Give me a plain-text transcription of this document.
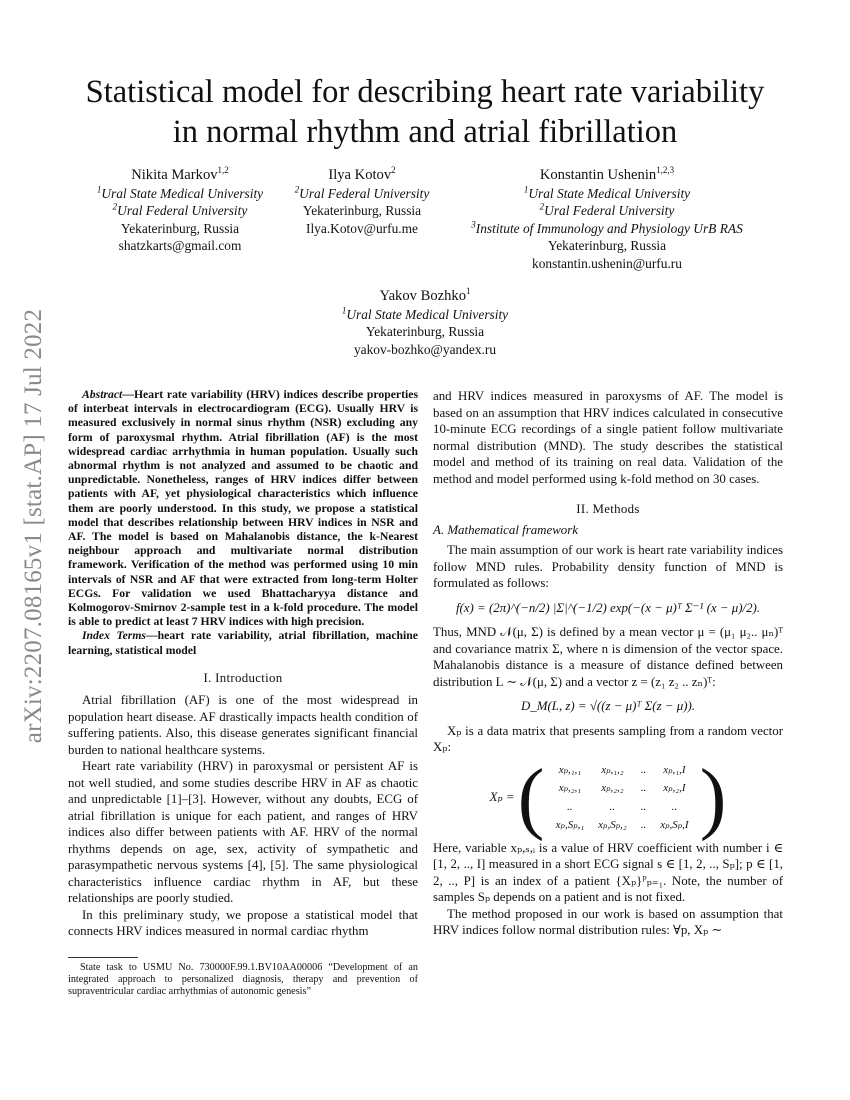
arXiv:2207.08165v1 [stat.AP] 17 Jul 2022
Statistical model for describing heart rate variability
in normal rhythm and atrial fibrillation
Nikita Markov$^{1,2}$
$^1$Ural State Medical University
$^2$Ural Federal University
Yekaterinburg, Russia
shatzkarts@gmail.com
Ilya Kotov$^2$
$^2$Ural Federal University
Yekaterinburg, Russia
Ilya.Kotov@urfu.me
Konstantin Ushenin$^{1,2,3}$
$^1$Ural State Medical University
$^2$Ural Federal University
$^3$Institute of Immunology and Physiology UrB RAS
Yekaterinburg, Russia
konstantin.ushenin@urfu.ru
Yakov Bozhko$^1$
$^1$Ural State Medical University
Yekaterinburg, Russia
yakov-bozhko@yandex.ru

Abstract—Heart rate variability (HRV) indices describe properties of interbeat intervals in electrocardiogram (ECG). Usually HRV is measured exclusively in normal sinus rhythm (NSR) excluding any form of paroxysmal rhythm. Atrial fibrillation (AF) is the most widespread cardiac arrhythmia in human population. Usually such abnormal rhythm is not analyzed and assumed to be chaotic and unpredictable. Nonetheless, ranges of HRV indices differ between patients with AF, yet physiological characteristics which influence them are poorly understood. In this study, we propose a statistical model that describes relationship between HRV indices in NSR and AF. The model is based on Mahalanobis distance, the k-Nearest neighbour approach and multivariate normal distribution framework. Verification of the method was performed using 10 min intervals of NSR and AF that were extracted from long-term Holter ECGs. For validation we used Bhattacharyya distance and Kolmogorov-Smirnov 2-sample test in a k-fold procedure. The model is able to predict at least 7 HRV indices with high precision.

Index Terms—heart rate variability, atrial fibrillation, machine learning, statistical model

I. Introduction

Atrial fibrillation (AF) is one of the most widespread in population heart disease. AF drastically impacts health condition of suffering patients. Also, this disease generates significant financial burden to national healthcare systems.

Heart rate variability (HRV) in paroxysmal or persistent AF is not well studied, and some studies describe HRV in AF as chaotic and unpredictable [1]–[3]. However, without any doubts, ECG of atrial fibrillation is unique for each patient, and ranges of HRV indices also differ between patients with AF. HRV of the normal rhythms depends on age, sex, activity of sympathetic and parasympathetic nervous systems [4], [5]. The same physiological characteristics influence cardiac rhythm in AF, but these relationships are poorly studied.

In this preliminary study, we propose a statistical model that connects HRV indices measured in normal cardiac rhythm

State task to USMU No. 730000F.99.1.BV10AA00006 “Development of an integrated approach to personalized diagnosis, therapy and prevention of supraventricular cardiac arrhythmias of autonomic genesis”

and HRV indices measured in paroxysms of AF. The model is based on an assumption that HRV indices calculated in consecutive 10-minute ECG recordings of a single patient follow multivariate normal distribution (MND). The study describes the statistical model and method of its training on real data. Validation of the method and model performed using k-fold method on 30 cases.

II. Methods
A. Mathematical framework

The main assumption of our work is heart rate variability indices follow MND rules. Probability density function of MND is formulated as follows:

f(x) = (2π)^(−n/2) |Σ|^(−1/2) exp(−(x − μ)ᵀ Σ⁻¹ (x − μ)/2).

Thus, MND 𝒩(μ, Σ) is defined by a mean vector μ = (μ₁ μ₂.. μₙ)ᵀ and covariance matrix Σ, where n is dimension of the vector space. Mahalanobis distance is a measure of distance defined between distribution L ∼ 𝒩(μ, Σ) and a vector z = (z₁ z₂ .. zₙ)ᵀ:

D_M(L, z) = √((z − μ)ᵀ Σ(z − μ)).

Xₚ is a data matrix that presents sampling from a random vector Xₚ:

Xₚ = ( xₚ,₁,₁	xₚ,₁,₂	..	xₚ,₁,I
xₚ,₂,₁	xₚ,₂,₂	..	xₚ,₂,I
..	..	..	..
xₚ,Sₚ,₁	xₚ,Sₚ,₂	..	xₚ,Sₚ,I )

Here, variable xₚ,ₛ,ᵢ is a value of HRV coefficient with number i ∈ [1, 2, .., I] measured in a short ECG signal s ∈ [1, 2, .., Sₚ]; p ∈ [1, 2, .., P] is an index of a patient {Xₚ}ᴾₚ₌₁. Note, the number of samples Sₚ depends on a patient and is not fixed.

The method proposed in our work is based on assumption that HRV indices follow normal distribution rules: ∀p, Xₚ ∼
